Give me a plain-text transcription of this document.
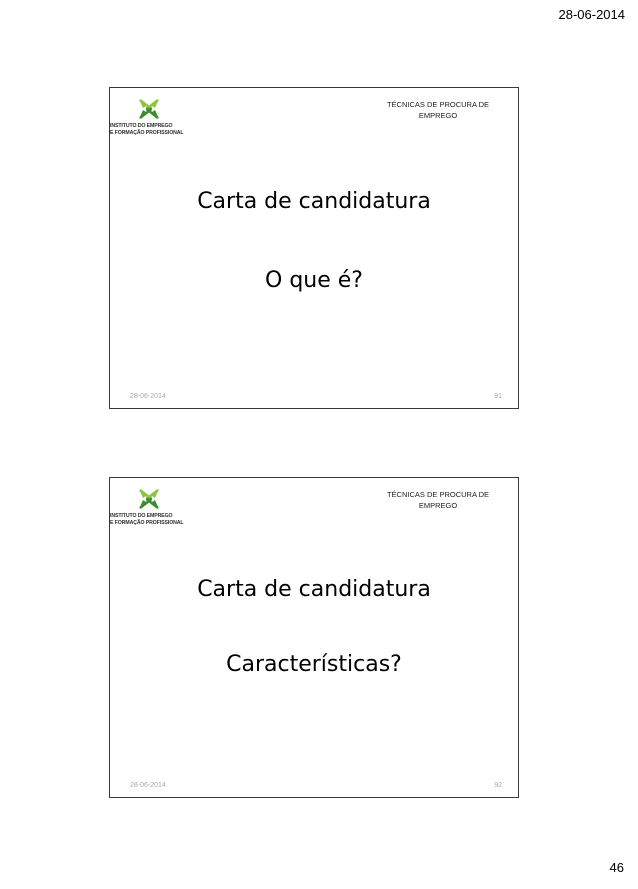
28-06-2014
INSTITUTO DO EMPREGO
E FORMAÇÃO PROFISSIONAL
TÉCNICAS DE PROCURA DE
EMPREGO
Carta de candidatura
O que é?
28-06-2014	91
INSTITUTO DO EMPREGO
E FORMAÇÃO PROFISSIONAL
TÉCNICAS DE PROCURA DE
EMPREGO
Carta de candidatura
Características?
28-06-2014	92
46
